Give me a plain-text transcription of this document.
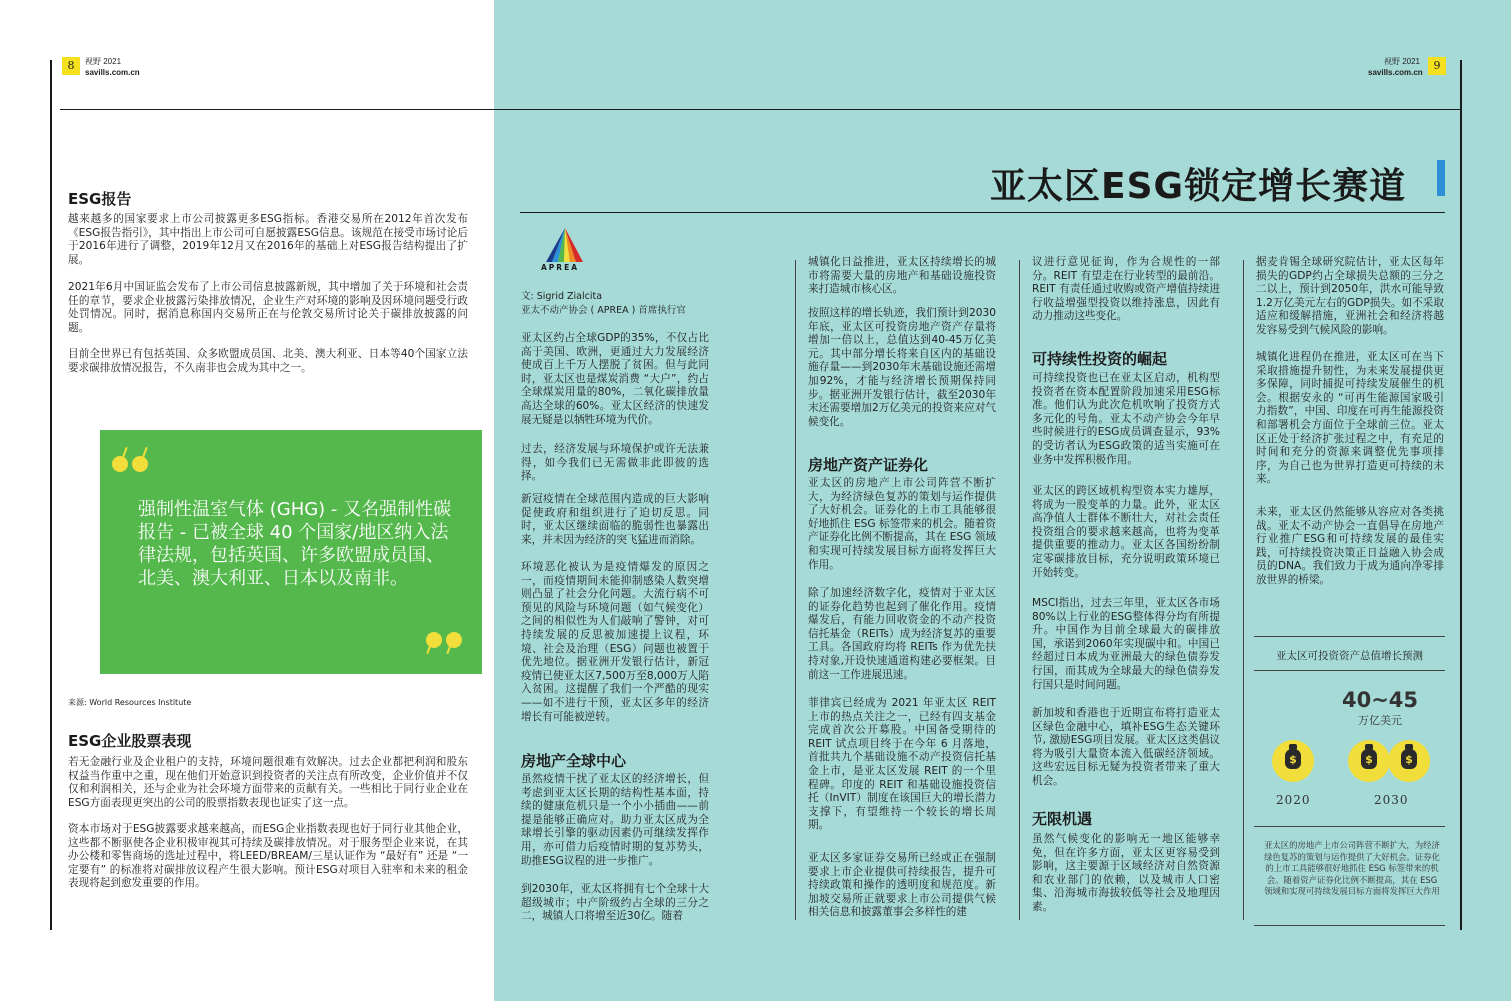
8	视野 2021
savills.com.cn
视野 2021
savills.com.cn
9
ESG报告
越来越多的国家要求上市公司披露更多ESG指标。香港交易所在2012年首次发布《ESG报告指引》，其中指出上市公司可自愿披露ESG信息。该规范在接受市场讨论后于2016年进行了调整，2019年12月又在2016年的基础上对ESG报告结构提出了扩展。
2021年6月中国证监会发布了上市公司信息披露新规，其中增加了关于环境和社会责任的章节，要求企业披露污染排放情况，企业生产对环境的影响及因环境问题受行政处罚情况。同时，据消息称国内交易所正在与伦敦交易所讨论关于碳排放披露的问题。
目前全世界已有包括英国、众多欧盟成员国、北美、澳大利亚、日本等40个国家立法要求碳排放情况报告，不久南非也会成为其中之一。
强制性温室气体 (GHG) - 又名强制性碳报告 - 已被全球 40 个国家/地区纳入法律法规，包括英国、许多欧盟成员国、北美、澳大利亚、日本以及南非。
来源: World Resources Institute
ESG企业股票表现
若无金融行业及企业租户的支持，环境问题很难有效解决。过去企业都把利润和股东权益当作重中之重，现在他们开始意识到投资者的关注点有所改变，企业价值并不仅仅和利润相关，还与企业为社会环境方面带来的贡献有关。一些相比于同行业企业在ESG方面表现更突出的公司的股票指数表现也证实了这一点。
资本市场对于ESG披露要求越来越高，而ESG企业指数表现也好于同行业其他企业，这些都不断驱使各企业积极审视其可持续及碳排放情况。对于服务型企业来说，在其办公楼和零售商场的选址过程中，将LEED/BREAM/三星认证作为 “最好有” 还是 “一定要有” 的标准将对碳排放议程产生很大影响。预计ESG对项目入驻率和未来的租金表现将起到愈发重要的作用。
亚太区ESG锁定增长赛道
APREA
文: Sigrid Zialcita
亚太不动产协会 ( APREA ) 首席执行官
亚太区约占全球GDP的35%，不仅占比高于美国、欧洲，更通过大力发展经济使成百上千万人摆脱了贫困。但与此同时，亚太区也是煤炭消费 “大户”，约占全球煤炭用量的80%，二氧化碳排放量高达全球的60%。亚太区经济的快速发展无疑是以牺牲环境为代价。
过去，经济发展与环境保护或许无法兼得，如今我们已无需做非此即彼的选择。
新冠疫情在全球范围内造成的巨大影响促使政府和组织进行了迫切反思。同时，亚太区继续面临的脆弱性也暴露出来，并未因为经济的突飞猛进而消除。
环境恶化被认为是疫情爆发的原因之一，而疫情期间未能抑制感染人数突增则凸显了社会分化问题。大流行病不可预见的风险与环境问题（如气候变化）之间的相似性为人们敲响了警钟，对可持续发展的反思被加速提上议程，环境、社会及治理（ESG）问题也被置于优先地位。据亚洲开发银行估计，新冠疫情已使亚太区7,500万至8,000万人陷入贫困。这提醒了我们一个严酷的现实——如不进行干预，亚太区多年的经济增长有可能被逆转。
房地产全球中心
虽然疫情干扰了亚太区的经济增长，但考虑到亚太区长期的结构性基本面，持续的健康危机只是一个小小插曲——前提是能够正确应对。助力亚太区成为全球增长引擎的驱动因素仍可继续发挥作用，亦可借力后疫情时期的复苏势头，助推ESG议程的进一步推广。
到2030年，亚太区将拥有七个全球十大超级城市；中产阶级约占全球的三分之二，城镇人口将增至近30亿。随着
城镇化日益推进，亚太区持续增长的城市将需要大量的房地产和基础设施投资来打造城市核心区。
按照这样的增长轨迹，我们预计到2030年底，亚太区可投资房地产资产存量将增加一倍以上，总值达到40-45万亿美元。其中部分增长将来自区内的基础设施存量——到2030年末基础设施还需增加92%，才能与经济增长预期保持同步。据亚洲开发银行估计，截至2030年末还需要增加2万亿美元的投资来应对气候变化。
房地产资产证券化
亚太区的房地产上市公司阵营不断扩大，为经济绿色复苏的策划与运作提供了大好机会。证券化的上市工具能够很好地抓住 ESG 标签带来的机会。随着资产证券化比例不断提高，其在 ESG 领域和实现可持续发展目标方面将发挥巨大作用。
除了加速经济数字化，疫情对于亚太区的证券化趋势也起到了催化作用。疫情爆发后，有能力回收资金的不动产投资信托基金（REITs）成为经济复苏的重要工具。各国政府均将 REITs 作为优先扶持对象,开设快速通道构建必要框架。目前这一工作进展迅速。
菲律宾已经成为 2021 年亚太区 REIT 上市的热点关注之一，已经有四支基金完成首次公开募股。中国备受期待的 REIT 试点项目终于在今年 6 月落地，首批共九个基础设施不动产投资信托基金上市，是亚太区发展 REIT 的一个里程碑。印度的 REIT 和基础设施投资信托（InVIT）制度在该国巨大的增长潜力支撑下，有望维持一个较长的增长周期。
亚太区多家证券交易所已经或正在强制要求上市企业提供可持续报告，提升可持续政策和操作的透明度和规范度。新加坡交易所正就要求上市公司提供气候相关信息和披露董事会多样性的建
议进行意见征询，作为合规性的一部分。REIT 有望走在行业转型的最前沿。REIT 有责任通过收购或资产增值持续进行收益增强型投资以维持涨息，因此有动力推动这些变化。
可持续性投资的崛起
可持续投资也已在亚太区启动，机构型投资者在资本配置阶段加速采用ESG标准。他们认为此次危机吹响了投资方式多元化的号角。亚太不动产协会今年早些时候进行的ESG成员调查显示，93%的受访者认为ESG政策的适当实施可在业务中发挥积极作用。
亚太区的跨区域机构型资本实力雄厚，将成为一股变革的力量。此外，亚太区高净值人士群体不断壮大，对社会责任投资组合的要求越来越高，也将为变革提供重要的推动力。亚太区各国纷纷制定零碳排放目标，充分说明政策环境已开始转变。
MSCI指出，过去三年里，亚太区各市场80%以上行业的ESG整体得分均有所提升。中国作为目前全球最大的碳排放国，承诺到2060年实现碳中和。中国已经超过日本成为亚洲最大的绿色债券发行国，而其成为全球最大的绿色债券发行国只是时间问题。
新加坡和香港也于近期宣布将打造亚太区绿色金融中心，填补ESG生态关键环节, 激励ESG项目发展。亚太区这类倡议将为吸引大量资本流入低碳经济领域。这些宏远目标无疑为投资者带来了重大机会。
无限机遇
虽然气候变化的影响无一地区能够幸免，但在许多方面，亚太区更容易受到影响，这主要源于区域经济对自然资源和农业部门的依赖，以及城市人口密集、沿海城市海拔较低等社会及地理因素。
据麦肯锡全球研究院估计，亚太区每年损失的GDP约占全球损失总额的三分之二以上，预计到2050年，洪水可能导致1.2万亿美元左右的GDP损失。如不采取适应和缓解措施，亚洲社会和经济将越发容易受到气候风险的影响。
城镇化进程仍在推进，亚太区可在当下采取措施提升韧性，为未来发展提供更多保障，同时捕捉可持续发展催生的机会。根据安永的 “可再生能源国家吸引力指数”，中国、印度在可再生能源投资和部署机会方面位于全球前三位。亚太区正处于经济扩张过程之中，有充足的时间和充分的资源来调整优先事项排序，为自己也为世界打造更可持续的未来。
未来，亚太区仍然能够从容应对各类挑战。亚太不动产协会一直倡导在房地产行业推广ESG和可持续发展的最佳实践，可持续投资决策正日益融入协会成员的DNA。我们致力于成为通向净零排放世界的桥梁。
亚太区可投资资产总值增长预测
40~45
万亿美元
$	$	$
2020	2030
亚太区的房地产上市公司阵营不断扩大，为经济绿色复苏的策划与运作提供了大好机会。证券化的上市工具能够很好地抓住 ESG 标签带来的机会。随着资产证券化比例不断提高，其在 ESG 领域和实现可持续发展目标方面将发挥巨大作用
